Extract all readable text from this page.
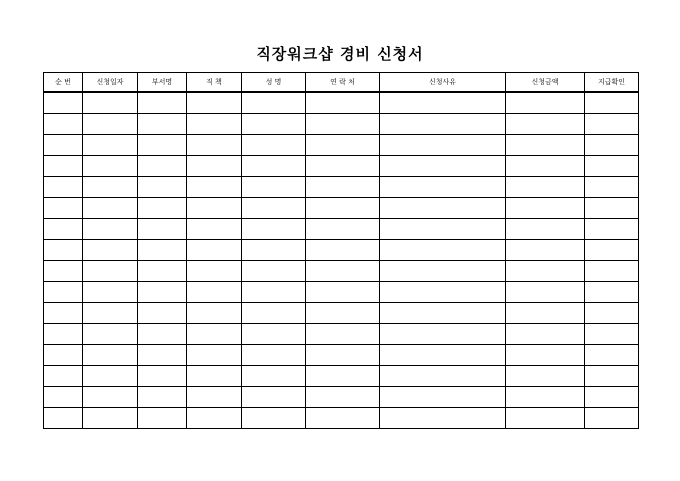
직장워크샵 경비 신청서
순 번	신청일자	부서명	직 책	성 명	연 락 처	신청사유	신청금액	지급확인
